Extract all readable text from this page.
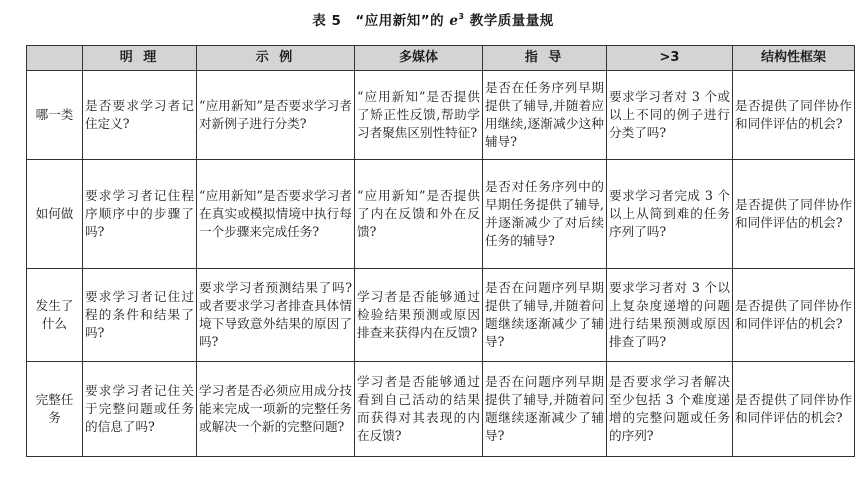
表 5 “应用新知”的 $e^3$ 教学质量量规
	明 理	示 例	多媒体	指 导	>3	结构性框架
哪一类	是否要求学习者记住定义?	“应用新知”是否要求学习者对新例子进行分类?	“应用新知”是否提供了矫正性反馈,帮助学习者聚焦区别性特征?	是否在任务序列早期提供了辅导,并随着应用继续,逐渐减少这种辅导?	要求学习者对 3 个或以上不同的例子进行分类了吗?	是否提供了同伴协作和同伴评估的机会?
如何做	要求学习者记住程序顺序中的步骤了吗?	“应用新知”是否要求学习者在真实或模拟情境中执行每一个步骤来完成任务?	“应用新知”是否提供了内在反馈和外在反馈?	是否对任务序列中的早期任务提供了辅导,并逐渐减少了对后续任务的辅导?	要求学习者完成 3 个以上从简到难的任务序列了吗?	是否提供了同伴协作和同伴评估的机会?
发生了什么	要求学习者记住过程的条件和结果了吗?	要求学习者预测结果了吗?或者要求学习者排查具体情境下导致意外结果的原因了吗?	学习者是否能够通过检验结果预测或原因排查来获得内在反馈?	是否在问题序列早期提供了辅导,并随着问题继续逐渐减少了辅导?	要求学习者对 3 个以上复杂度递增的问题进行结果预测或原因排查了吗?	是否提供了同伴协作和同伴评估的机会?
完整任务	要求学习者记住关于完整问题或任务的信息了吗?	学习者是否必须应用成分技能来完成一项新的完整任务或解决一个新的完整问题?	学习者是否能够通过看到自己活动的结果而获得对其表现的内在反馈?	是否在问题序列早期提供了辅导,并随着问题继续逐渐减少了辅导?	是否要求学习者解决至少包括 3 个难度递增的完整问题或任务的序列?	是否提供了同伴协作和同伴评估的机会?
